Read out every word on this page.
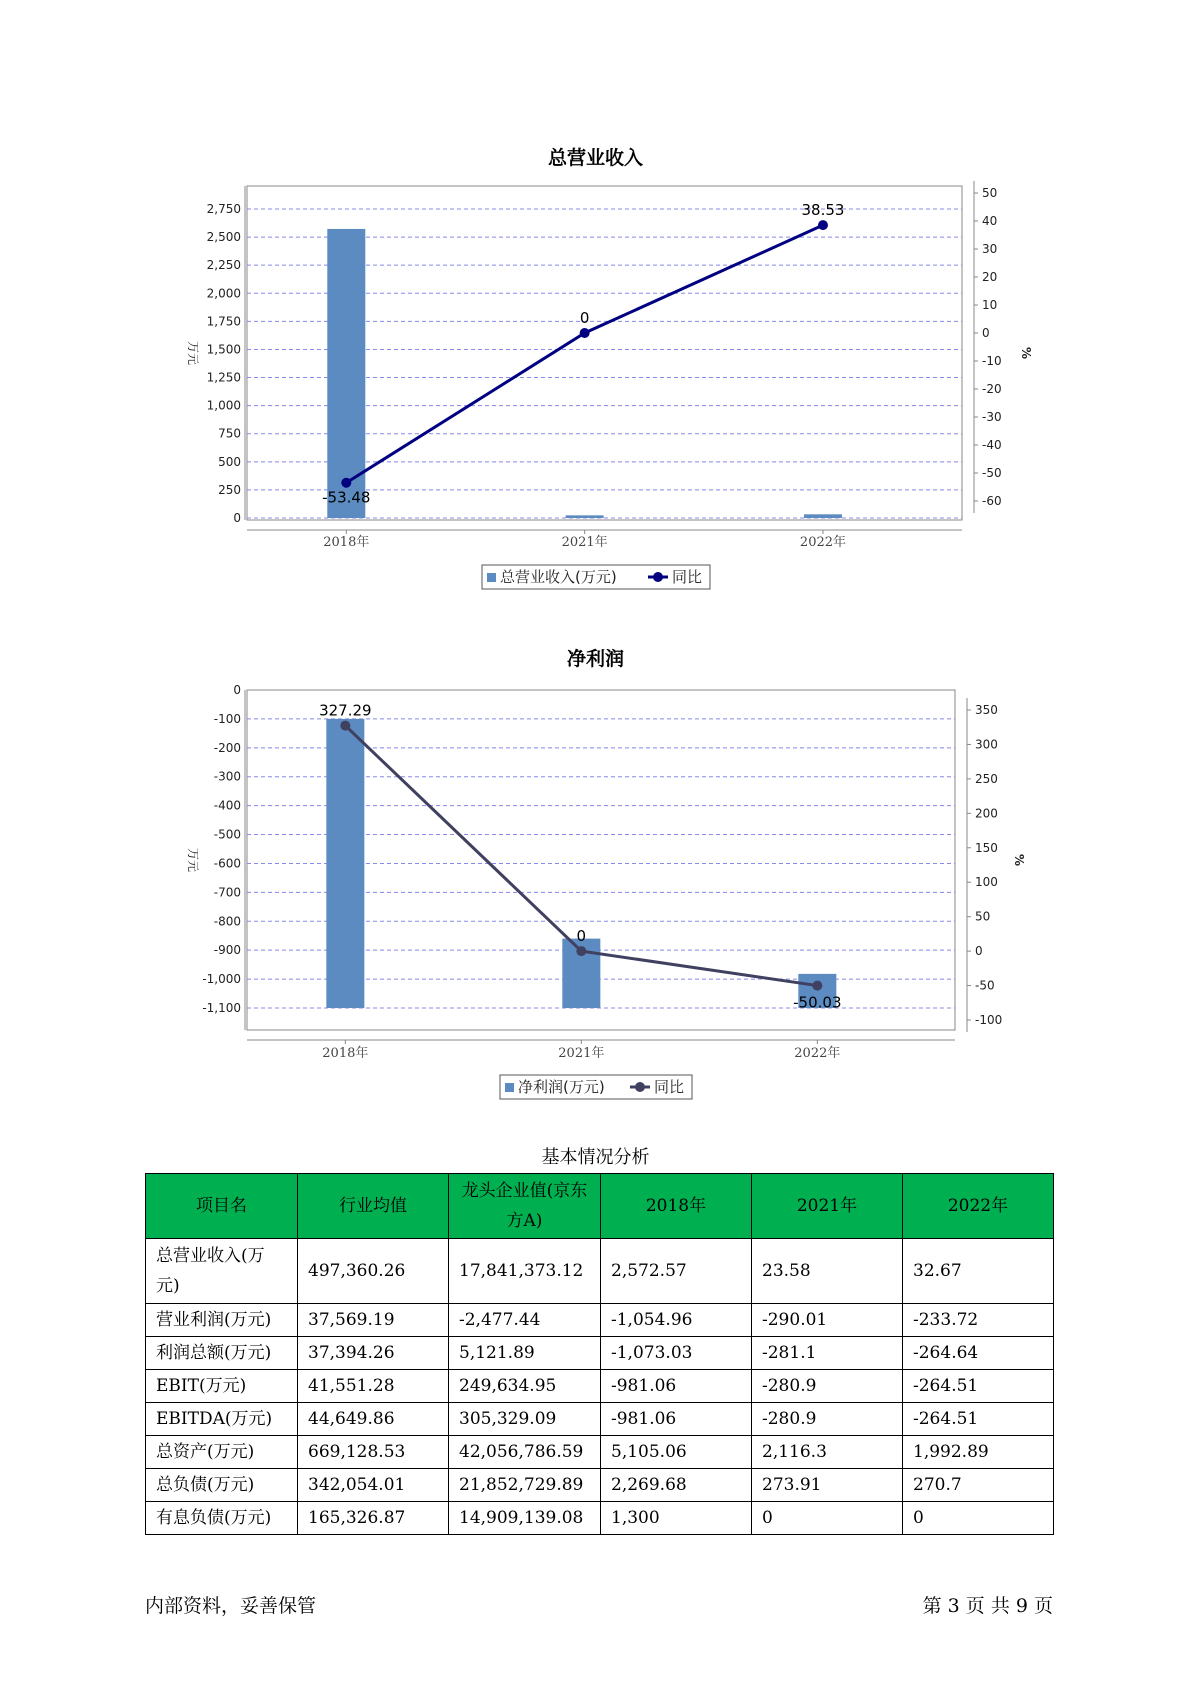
总营业收入
0
250
500
750
1,000
1,250
1,500
1,750
2,000
2,250
2,500
2,750
-60
-50
-40
-30
-20
-10
0
10
20
30
40
50
万元	%
2018年	2021年	2022年
-53.48
0
38.53
总营业收入(万元)	同比
净利润
0
-100
-200
-300
-400
-500
-600
-700
-800
-900
-1,000
-1,100
-100
-50
0
50
100
150
200
250
300
350
万元	%
2018年	2021年	2022年
327.29
0
-50.03
净利润(万元)	同比
基本情况分析
项目名	行业均值	龙头企业值(京东方A)	2018年	2021年	2022年
总营业收入(万元)	497,360.26	17,841,373.12	2,572.57	23.58	32.67
营业利润(万元)	37,569.19	-2,477.44	-1,054.96	-290.01	-233.72
利润总额(万元)	37,394.26	5,121.89	-1,073.03	-281.1	-264.64
EBIT(万元)	41,551.28	249,634.95	-981.06	-280.9	-264.51
EBITDA(万元)	44,649.86	305,329.09	-981.06	-280.9	-264.51
总资产(万元)	669,128.53	42,056,786.59	5,105.06	2,116.3	1,992.89
总负债(万元)	342,054.01	21,852,729.89	2,269.68	273.91	270.7
有息负债(万元)	165,326.87	14,909,139.08	1,300	0	0
内部资料，妥善保管	第 3 页 共 9 页
